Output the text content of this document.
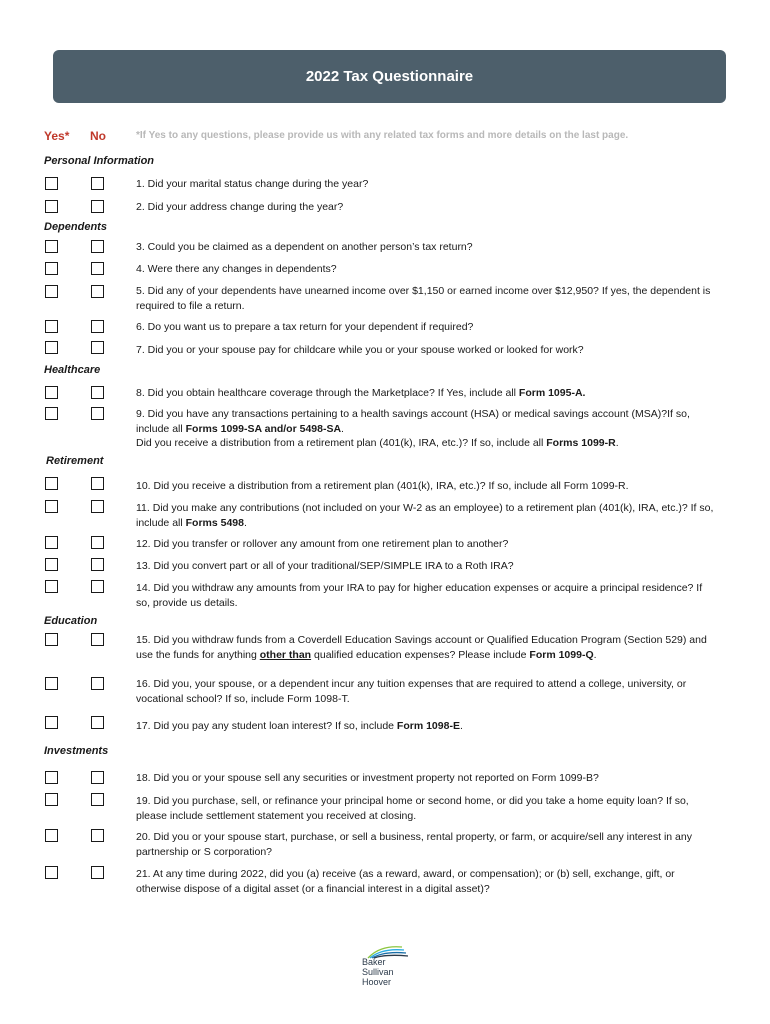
2022 Tax Questionnaire
Yes* No	*If Yes to any questions, please provide us with any related tax forms and more details on the last page.
Personal Information
Dependents
Healthcare
Retirement
Education
Investments
1. Did your marital status change during the year?
2. Did your address change during the year?
3. Could you be claimed as a dependent on another person’s tax return?
4. Were there any changes in dependents?
5. Did any of your dependents have unearned income over $1,150 or earned income over $12,950? If yes, the dependent is required to file a return.
6. Do you want us to prepare a tax return for your dependent if required?
7. Did you or your spouse pay for childcare while you or your spouse worked or looked for work?
8. Did you obtain healthcare coverage through the Marketplace? If Yes, include all Form 1095-A.
9. Did you have any transactions pertaining to a health savings account (HSA) or medical savings account (MSA)?If so, include all Forms 1099-SA and/or 5498-SA.
Did you receive a distribution from a retirement plan (401(k), IRA, etc.)? If so, include all Forms 1099-R.
10. Did you receive a distribution from a retirement plan (401(k), IRA, etc.)? If so, include all Form 1099-R.
11. Did you make any contributions (not included on your W-2 as an employee) to a retirement plan (401(k), IRA, etc.)? If so, include all Forms 5498.
12. Did you transfer or rollover any amount from one retirement plan to another?
13. Did you convert part or all of your traditional/SEP/SIMPLE IRA to a Roth IRA?
14. Did you withdraw any amounts from your IRA to pay for higher education expenses or acquire a principal residence? If so, provide us details.
15. Did you withdraw funds from a Coverdell Education Savings account or Qualified Education Program (Section 529) and use the funds for anything other than qualified education expenses? Please include Form 1099-Q.
16. Did you, your spouse, or a dependent incur any tuition expenses that are required to attend a college, university, or vocational school? If so, include Form 1098-T.
17. Did you pay any student loan interest? If so, include Form 1098-E.
18. Did you or your spouse sell any securities or investment property not reported on Form 1099-B?
19. Did you purchase, sell, or refinance your principal home or second home, or did you take a home equity loan? If so, please include settlement statement you received at closing.
20. Did you or your spouse start, purchase, or sell a business, rental property, or farm, or acquire/sell any interest in any partnership or S corporation?
21. At any time during 2022, did you (a) receive (as a reward, award, or compensation); or (b) sell, exchange, gift, or otherwise dispose of a digital asset (or a financial interest in a digital asset)?
Baker
Sullivan
Hoover
